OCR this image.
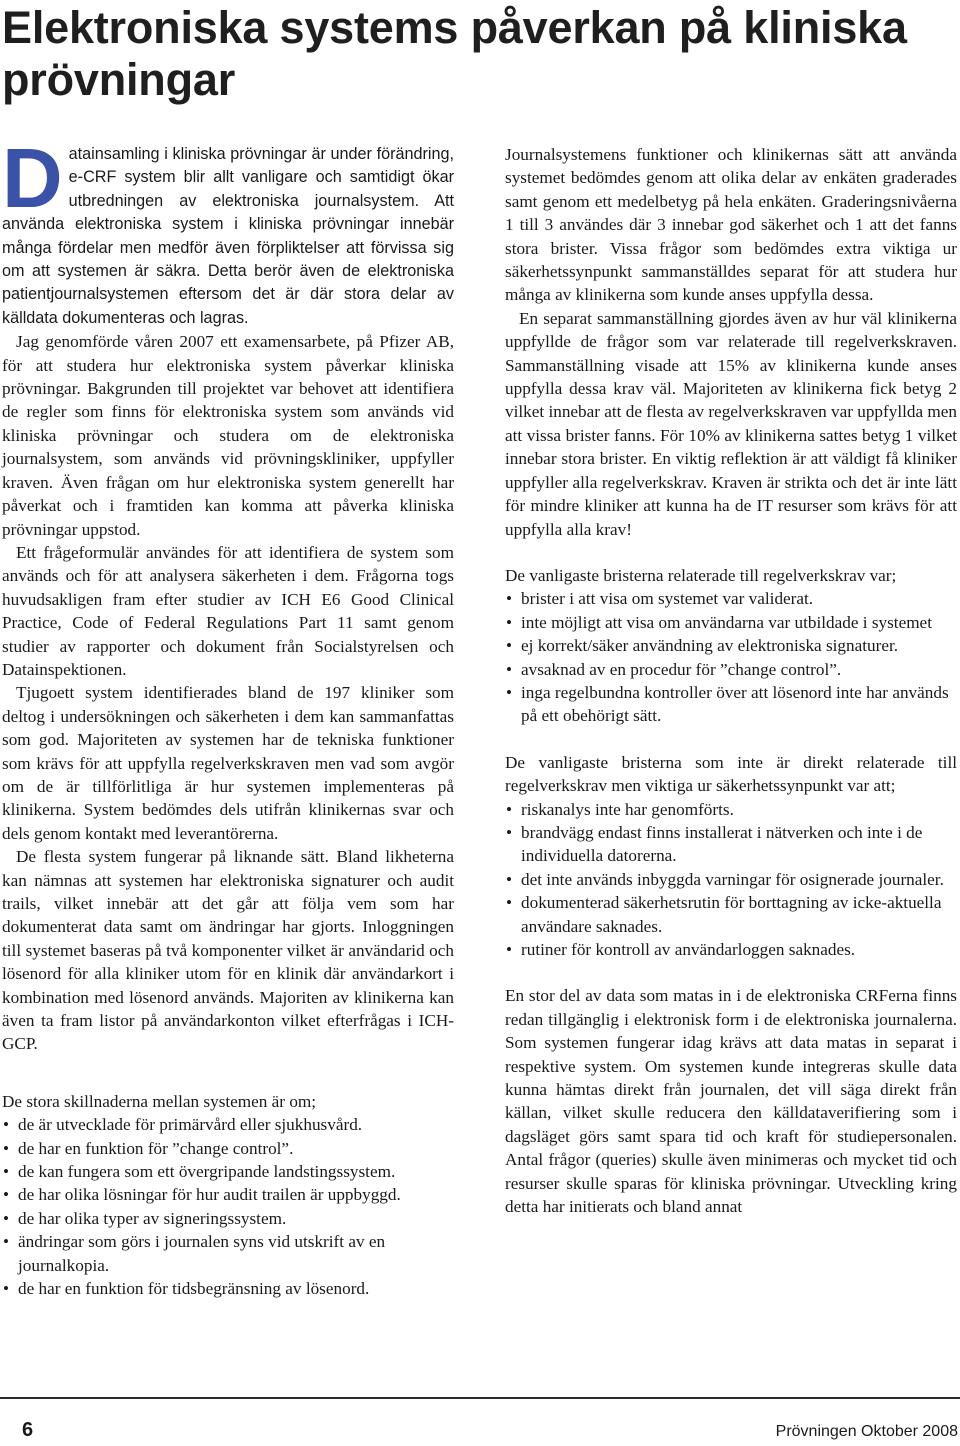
Elektroniska systems påverkan på kliniska prövningar

Datainsamling i kliniska prövningar är under förändring, e-CRF system blir allt vanligare och samtidigt ökar utbredningen av elektroniska journalsystem. Att använda elektroniska system i kliniska prövningar innebär många fördelar men medför även förpliktelser att förvissa sig om att systemen är säkra. Detta berör även de elektroniska patientjournalsystemen eftersom det är där stora delar av källdata dokumenteras och lagras.

Jag genomförde våren 2007 ett examensarbete, på Pfizer AB, för att studera hur elektroniska system påverkar kliniska prövningar. Bakgrunden till projektet var behovet att identifiera de regler som finns för elektroniska system som används vid kliniska prövningar och studera om de elektroniska journalsystem, som används vid prövningskliniker, uppfyller kraven. Även frågan om hur elektroniska system generellt har påverkat och i framtiden kan komma att påverka kliniska prövningar uppstod.

Ett frågeformulär användes för att identifiera de system som används och för att analysera säkerheten i dem. Frågorna togs huvudsakligen fram efter studier av ICH E6 Good Clinical Practice, Code of Federal Regulations Part 11 samt genom studier av rapporter och dokument från Socialstyrelsen och Datainspektionen.

Tjugoett system identifierades bland de 197 kliniker som deltog i undersökningen och säkerheten i dem kan sammanfattas som god. Majoriteten av systemen har de tekniska funktioner som krävs för att uppfylla regelverkskraven men vad som avgör om de är tillförlitliga är hur systemen implementeras på klinikerna. System bedömdes dels utifrån klinikernas svar och dels genom kontakt med leverantörerna.

De flesta system fungerar på liknande sätt. Bland likheterna kan nämnas att systemen har elektroniska signaturer och audit trails, vilket innebär att det går att följa vem som har dokumenterat data samt om ändringar har gjorts. Inloggningen till systemet baseras på två komponenter vilket är användarid och lösenord för alla kliniker utom för en klinik där användarkort i kombination med lösenord används. Majoriten av klinikerna kan även ta fram listor på användarkonton vilket efterfrågas i ICH-GCP.

De stora skillnaderna mellan systemen är om;

• de är utvecklade för primärvård eller sjukhusvård.
• de har en funktion för ”change control”.
• de kan fungera som ett övergripande landstingssystem.
• de har olika lösningar för hur audit trailen är uppbyggd.
• de har olika typer av signeringssystem.
• ändringar som görs i journalen syns vid utskrift av en journalkopia.
• de har en funktion för tidsbegränsning av lösenord.

Journalsystemens funktioner och klinikernas sätt att använda systemet bedömdes genom att olika delar av enkäten graderades samt genom ett medelbetyg på hela enkäten. Graderingsnivåerna 1 till 3 användes där 3 innebar god säkerhet och 1 att det fanns stora brister. Vissa frågor som bedömdes extra viktiga ur säkerhetssynpunkt sammanställdes separat för att studera hur många av klinikerna som kunde anses uppfylla dessa.

En separat sammanställning gjordes även av hur väl klinikerna uppfyllde de frågor som var relaterade till regelverkskraven. Sammanställning visade att 15% av klinikerna kunde anses uppfylla dessa krav väl. Majoriteten av klinikerna fick betyg 2 vilket innebar att de flesta av regelverkskraven var uppfyllda men att vissa brister fanns. För 10% av klinikerna sattes betyg 1 vilket innebar stora brister. En viktig reflektion är att väldigt få kliniker uppfyller alla regelverkskrav. Kraven är strikta och det är inte lätt för mindre kliniker att kunna ha de IT resurser som krävs för att uppfylla alla krav!

De vanligaste bristerna relaterade till regelverkskrav var;

• brister i att visa om systemet var validerat.
• inte möjligt att visa om användarna var utbildade i systemet
• ej korrekt/säker användning av elektroniska signaturer.
• avsaknad av en procedur för ”change control”.
• inga regelbundna kontroller över att lösenord inte har används på ett obehörigt sätt.

De vanligaste bristerna som inte är direkt relaterade till regelverkskrav men viktiga ur säkerhetssynpunkt var att;

• riskanalys inte har genomförts.
• brandvägg endast finns installerat i nätverken och inte i de individuella datorerna.
• det inte används inbyggda varningar för osignerade journaler.
• dokumenterad säkerhetsrutin för borttagning av icke-aktuella användare saknades.
• rutiner för kontroll av användarloggen saknades.

En stor del av data som matas in i de elektroniska CRFerna finns redan tillgänglig i elektronisk form i de elektroniska journalerna. Som systemen fungerar idag krävs att data matas in separat i respektive system. Om systemen kunde integreras skulle data kunna hämtas direkt från journalen, det vill säga direkt från källan, vilket skulle reducera den källdataverifiering som i dagsläget görs samt spara tid och kraft för studiepersonalen. Antal frågor (queries) skulle även minimeras och mycket tid och resurser skulle sparas för kliniska prövningar. Utveckling kring detta har initierats och bland annat

6	Prövningen Oktober 2008
